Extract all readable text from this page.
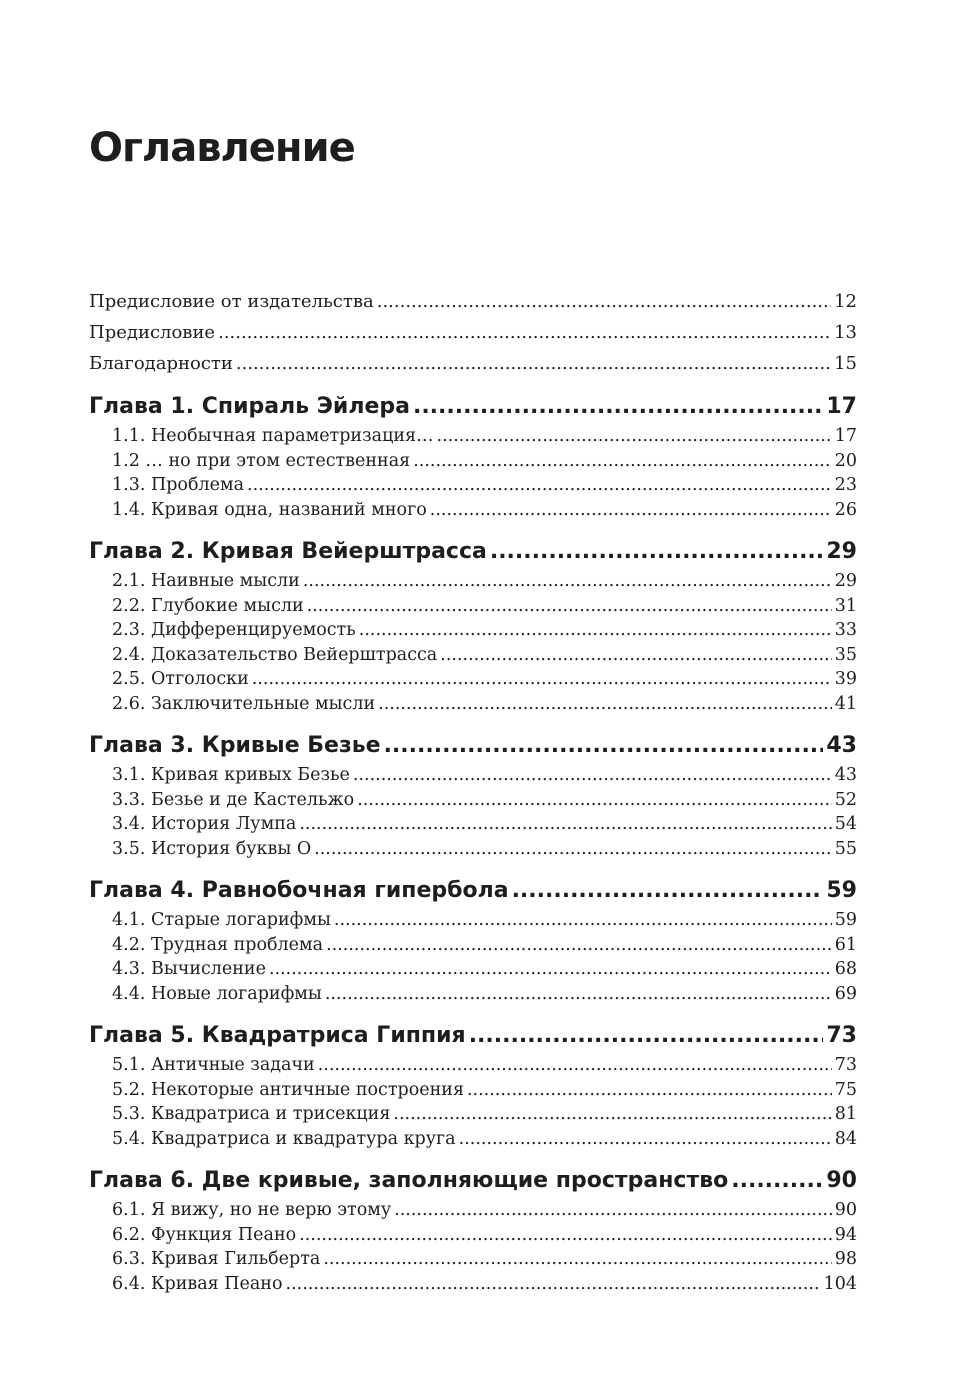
Оглавление
Предисловие от издательства .....	12
Предисловие .....	13
Благодарности .....	15
Глава 1. Спираль Эйлера .....	17
1.1. Необычная параметризация… .....	17
1.2 … но при этом естественная .....	20
1.3. Проблема .....	23
1.4. Кривая одна, названий много .....	26
Глава 2. Кривая Вейерштрасса .....	29
2.1. Наивные мысли .....	29
2.2. Глубокие мысли .....	31
2.3. Дифференцируемость .....	33
2.4. Доказательство Вейерштрасса .....	35
2.5. Отголоски .....	39
2.6. Заключительные мысли .....	41
Глава 3. Кривые Безье .....	43
3.1. Кривая кривых Безье .....	43
3.3. Безье и де Кастельжо .....	52
3.4. История Лумпа .....	54
3.5. История буквы О .....	55
Глава 4. Равнобочная гипербола .....	59
4.1. Старые логарифмы .....	59
4.2. Трудная проблема .....	61
4.3. Вычисление .....	68
4.4. Новые логарифмы .....	69
Глава 5. Квадратриса Гиппия .....	73
5.1. Античные задачи .....	73
5.2. Некоторые античные построения .....	75
5.3. Квадратриса и трисекция .....	81
5.4. Квадратриса и квадратура круга .....	84
Глава 6. Две кривые, заполняющие пространство .....	90
6.1. Я вижу, но не верю этому .....	90
6.2. Функция Пеано .....	94
6.3. Кривая Гильберта .....	98
6.4. Кривая Пеано .....	104
